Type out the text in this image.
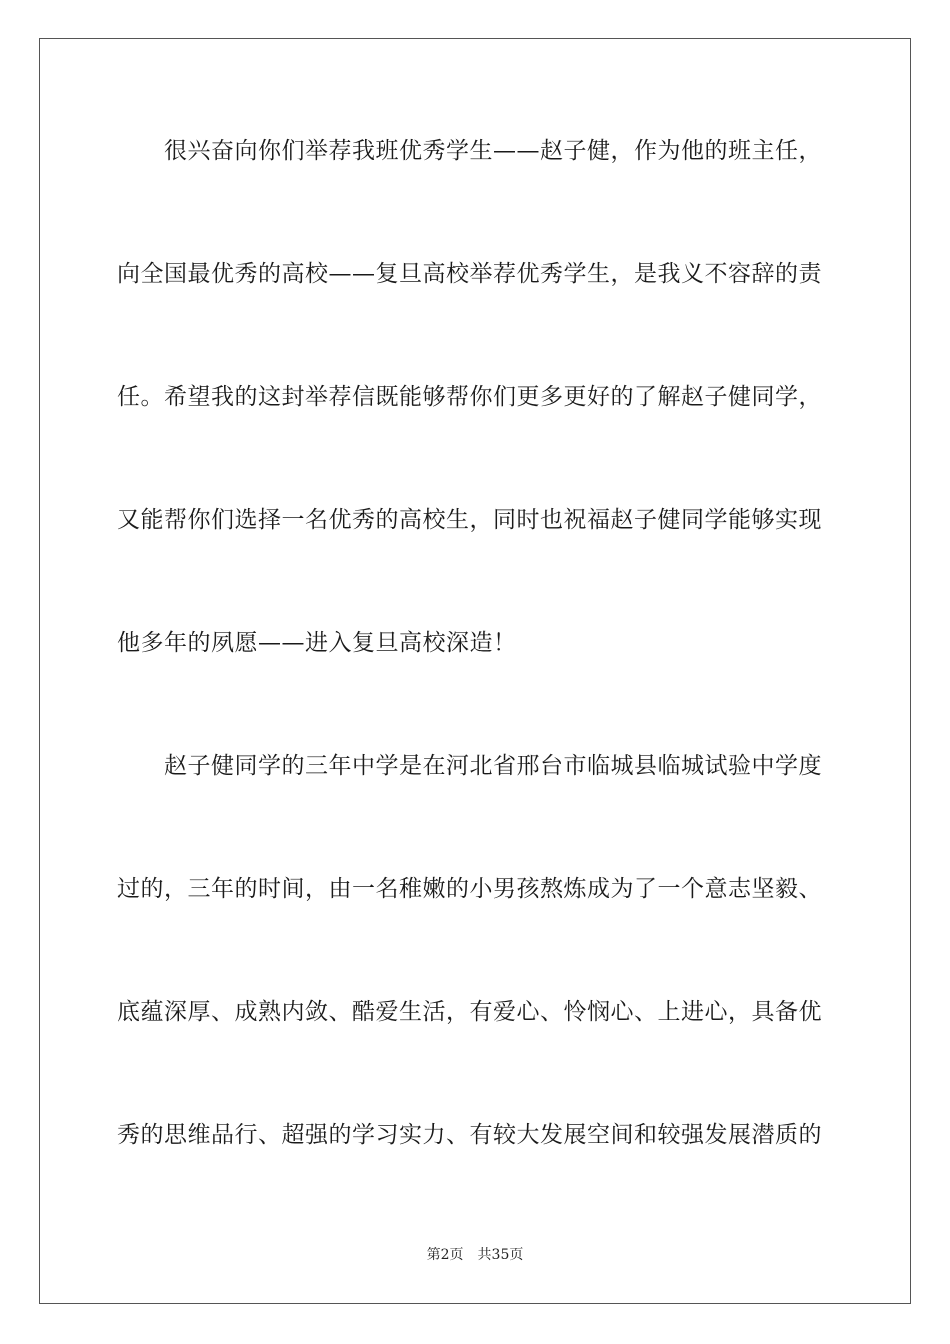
很兴奋向你们举荐我班优秀学生——赵子健，作为他的班主任，
向全国最优秀的高校——复旦高校举荐优秀学生，是我义不容辞的责
任。希望我的这封举荐信既能够帮你们更多更好的了解赵子健同学，
又能帮你们选择一名优秀的高校生，同时也祝福赵子健同学能够实现
他多年的夙愿——进入复旦高校深造！
赵子健同学的三年中学是在河北省邢台市临城县临城试验中学度
过的，三年的时间，由一名稚嫩的小男孩熬炼成为了一个意志坚毅、
底蕴深厚、成熟内敛、酷爱生活，有爱心、怜悯心、上进心，具备优
秀的思维品行、超强的学习实力、有较大发展空间和较强发展潜质的
第2页 共35页
